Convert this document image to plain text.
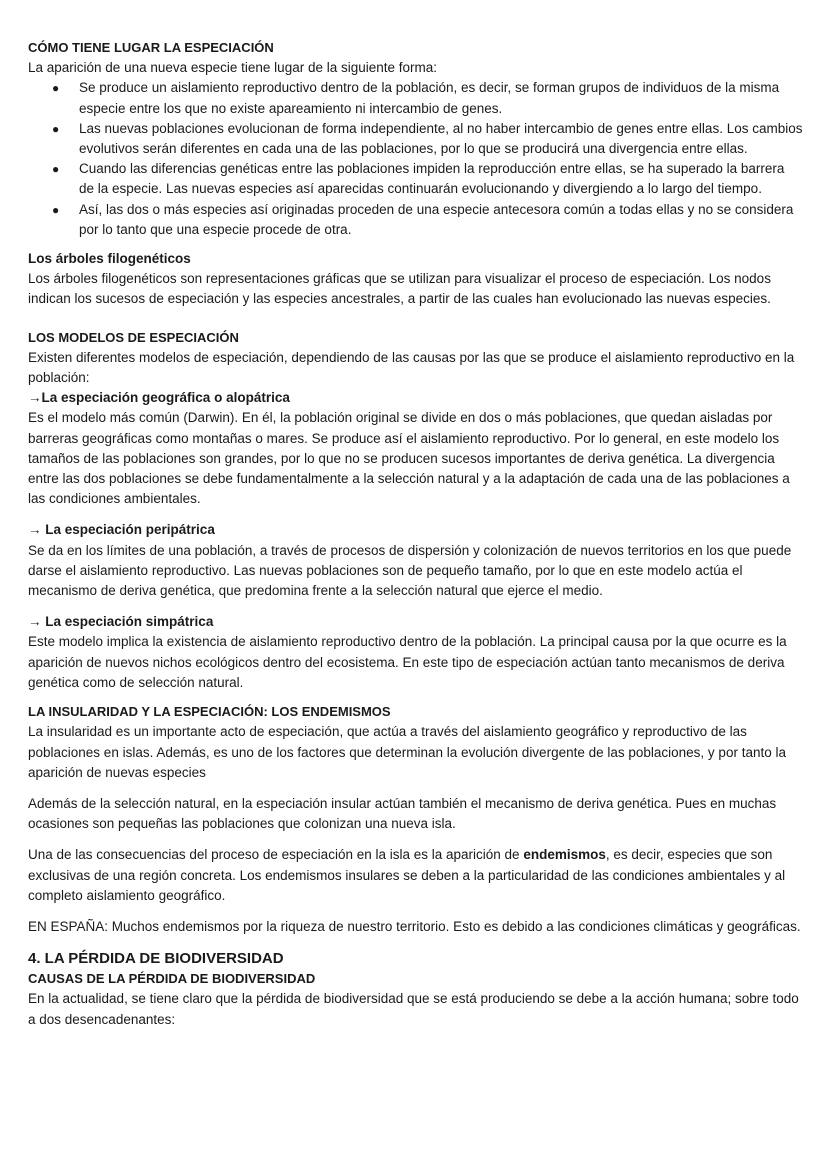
CÓMO TIENE LUGAR LA ESPECIACIÓN

La aparición de una nueva especie tiene lugar de la siguiente forma:

● Se produce un aislamiento reproductivo dentro de la población, es decir, se forman grupos de individuos de la misma especie entre los que no existe apareamiento ni intercambio de genes.
● Las nuevas poblaciones evolucionan de forma independiente, al no haber intercambio de genes entre ellas. Los cambios evolutivos serán diferentes en cada una de las poblaciones, por lo que se producirá una divergencia entre ellas.
● Cuando las diferencias genéticas entre las poblaciones impiden la reproducción entre ellas, se ha superado la barrera de la especie. Las nuevas especies así aparecidas continuarán evolucionando y divergiendo a lo largo del tiempo.
● Así, las dos o más especies así originadas proceden de una especie antecesora común a todas ellas y no se considera por lo tanto que una especie procede de otra.

Los árboles filogenéticos

Los árboles filogenéticos son representaciones gráficas que se utilizan para visualizar el proceso de especiación. Los nodos indican los sucesos de especiación y las especies ancestrales, a partir de las cuales han evolucionado las nuevas especies.

LOS MODELOS DE ESPECIACIÓN

Existen diferentes modelos de especiación, dependiendo de las causas por las que se produce el aislamiento reproductivo en la población:

→La especiación geográfica o alopátrica

Es el modelo más común (Darwin). En él, la población original se divide en dos o más poblaciones, que quedan aisladas por barreras geográficas como montañas o mares. Se produce así el aislamiento reproductivo. Por lo general, en este modelo los tamaños de las poblaciones son grandes, por lo que no se producen sucesos importantes de deriva genética. La divergencia entre las dos poblaciones se debe fundamentalmente a la selección natural y a la adaptación de cada una de las poblaciones a las condiciones ambientales.

→ La especiación peripátrica

Se da en los límites de una población, a través de procesos de dispersión y colonización de nuevos territorios en los que puede darse el aislamiento reproductivo. Las nuevas poblaciones son de pequeño tamaño, por lo que en este modelo actúa el mecanismo de deriva genética, que predomina frente a la selección natural que ejerce el medio.

→ La especiación simpátrica

Este modelo implica la existencia de aislamiento reproductivo dentro de la población. La principal causa por la que ocurre es la aparición de nuevos nichos ecológicos dentro del ecosistema. En este tipo de especiación actúan tanto mecanismos de deriva genética como de selección natural.

LA INSULARIDAD Y LA ESPECIACIÓN: LOS ENDEMISMOS

La insularidad es un importante acto de especiación, que actúa a través del aislamiento geográfico y reproductivo de las poblaciones en islas. Además, es uno de los factores que determinan la evolución divergente de las poblaciones, y por tanto la aparición de nuevas especies

Además de la selección natural, en la especiación insular actúan también el mecanismo de deriva genética. Pues en muchas ocasiones son pequeñas las poblaciones que colonizan una nueva isla.

Una de las consecuencias del proceso de especiación en la isla es la aparición de endemismos, es decir, especies que son exclusivas de una región concreta. Los endemismos insulares se deben a la particularidad de las condiciones ambientales y al completo aislamiento geográfico.

EN ESPAÑA: Muchos endemismos por la riqueza de nuestro territorio. Esto es debido a las condiciones climáticas y geográficas.

4. LA PÉRDIDA DE BIODIVERSIDAD

CAUSAS DE LA PÉRDIDA DE BIODIVERSIDAD

En la actualidad, se tiene claro que la pérdida de biodiversidad que se está produciendo se debe a la acción humana; sobre todo a dos desencadenantes:
